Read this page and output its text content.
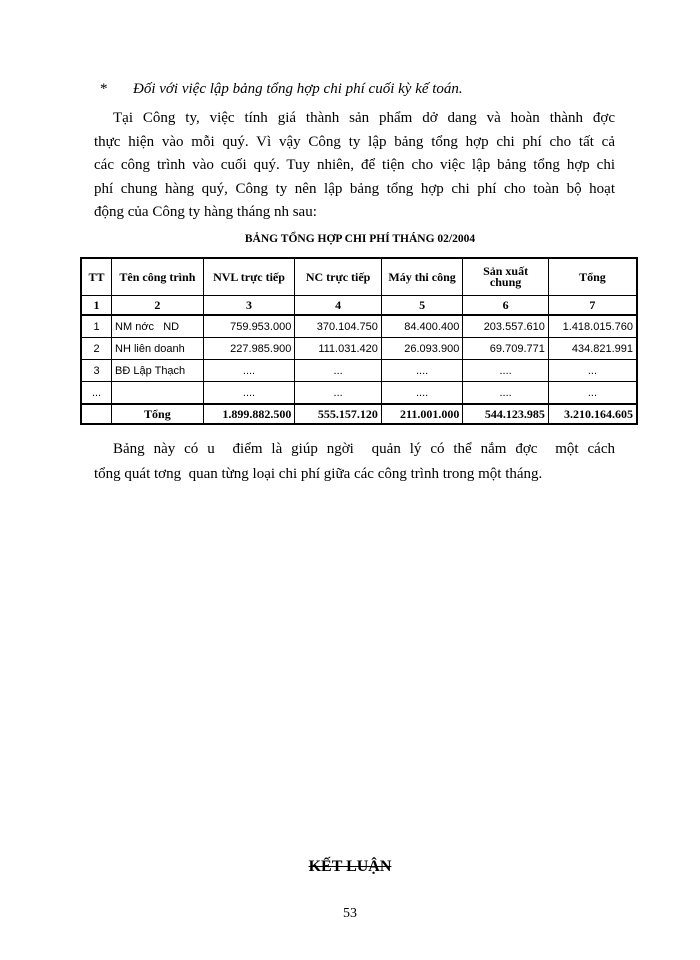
* Đối với việc lập bảng tổng hợp chi phí cuối kỳ kế toán.
Tại Công ty, việc tính giá thành sản phẩm dở dang và hoàn thành đợc
thực hiện vào mỗi quý. Vì vậy Công ty lập bảng tổng hợp chi phí cho tất cả
các công trình vào cuối quý. Tuy nhiên, để tiện cho việc lập bảng tổng hợp chi
phí chung hàng quý, Công ty nên lập bảng tổng hợp chi phí cho toàn bộ hoạt
động của Công ty hàng tháng nh sau:
BẢNG TỔNG HỢP CHI PHÍ THÁNG 02/2004
TT	Tên công trình	NVL trực tiếp	NC trực tiếp	Máy thi công	Sản xuất chung	Tổng
1	2	3	4	5	6	7
1	NM nớc   ND	759.953.000	370.104.750	84.400.400	203.557.610	1.418.015.760
2	NH liên doanh	227.985.900	111.031.420	26.093.900	69.709.771	434.821.991
3	BĐ Lập Thạch	....	...	....	....	...
...		....	...	....	....	...
	Tổng	1.899.882.500	555.157.120	211.001.000	544.123.985	3.210.164.605
Bảng này có u  điểm là giúp ngời  quản lý có thể nắm đợc  một cách
tổng quát tơng  quan từng loại chi phí giữa các công trình trong một tháng.
KẾT LUẬN
53
